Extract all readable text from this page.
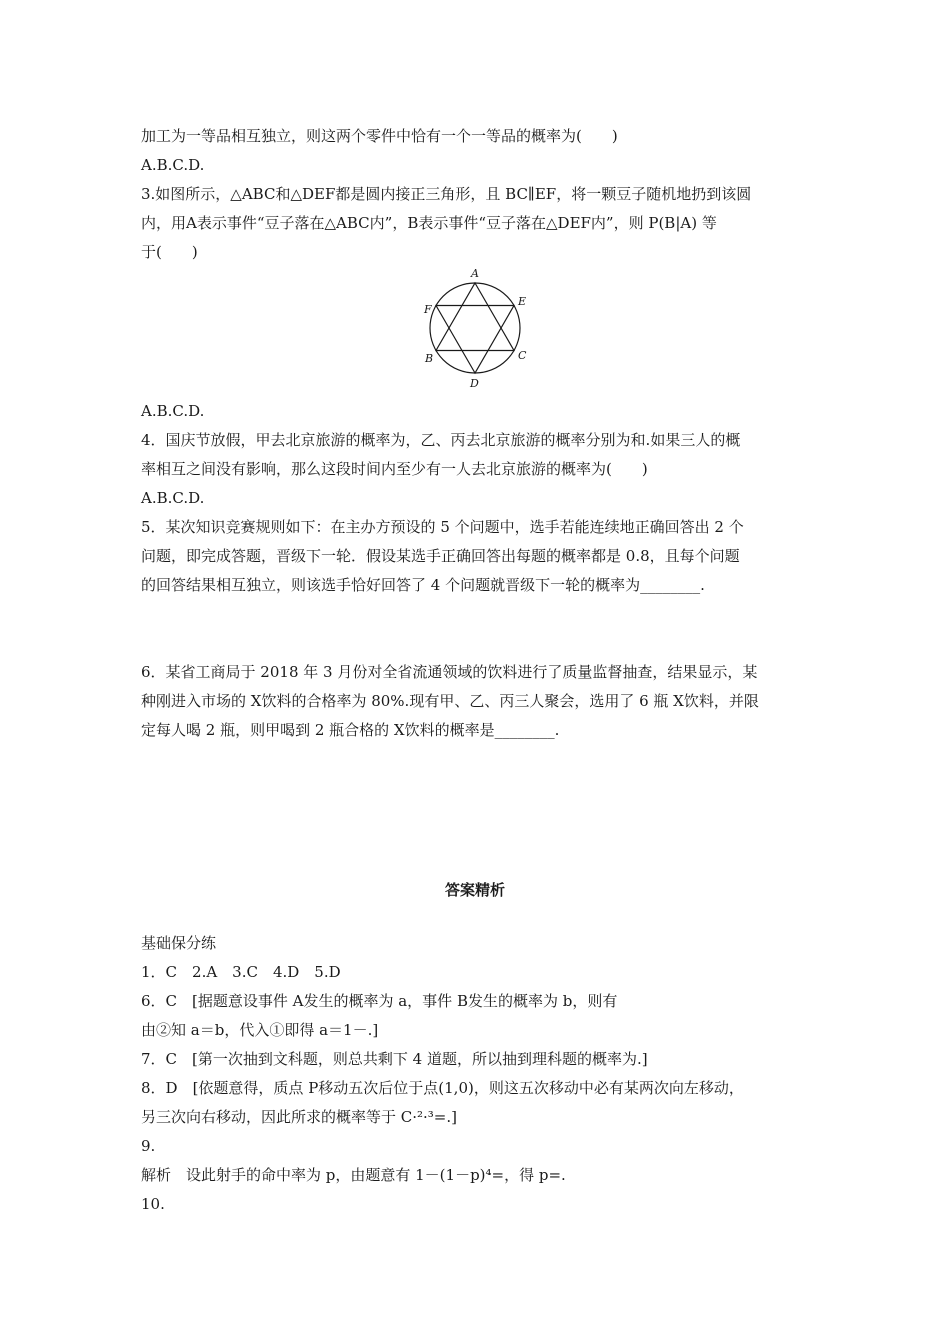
加工为一等品相互独立，则这两个零件中恰有一个一等品的概率为(　　)
A.B.C.D.
3.如图所示，△ABC和△DEF都是圆内接正三角形，且 BC∥EF，将一颗豆子随机地扔到该圆
内，用A表示事件“豆子落在△ABC内”，B表示事件“豆子落在△DEF内”，则 P(B|A) 等
于(　　)
A
E
F
B	C
D
A.B.C.D.
4．国庆节放假，甲去北京旅游的概率为，乙、丙去北京旅游的概率分别为和.如果三人的概
率相互之间没有影响，那么这段时间内至少有一人去北京旅游的概率为(　　)
A.B.C.D.
5．某次知识竞赛规则如下：在主办方预设的 5 个问题中，选手若能连续地正确回答出 2 个
问题，即完成答题，晋级下一轮．假设某选手正确回答出每题的概率都是 0.8，且每个问题
的回答结果相互独立，则该选手恰好回答了 4 个问题就晋级下一轮的概率为________.
6．某省工商局于 2018 年 3 月份对全省流通领域的饮料进行了质量监督抽查，结果显示，某
种刚进入市场的 X饮料的合格率为 80%.现有甲、乙、丙三人聚会，选用了 6 瓶 X饮料，并限
定每人喝 2 瓶，则甲喝到 2 瓶合格的 X饮料的概率是________.
答案精析
基础保分练
1．C　2.A　3.C　4.D　5.D
6．C　[据题意设事件 A发生的概率为 a，事件 B发生的概率为 b，则有
由②知 a＝b，代入①即得 a＝1－.]
7．C　[第一次抽到文科题，则总共剩下 4 道题，所以抽到理科题的概率为.]
8．D　[依题意得，质点 P移动五次后位于点(1,0)，则这五次移动中必有某两次向左移动，
另三次向右移动，因此所求的概率等于 C·²·³=.]
9.
解析　设此射手的命中率为 p，由题意有 1－(1－p)⁴=，得 p=.
10.
